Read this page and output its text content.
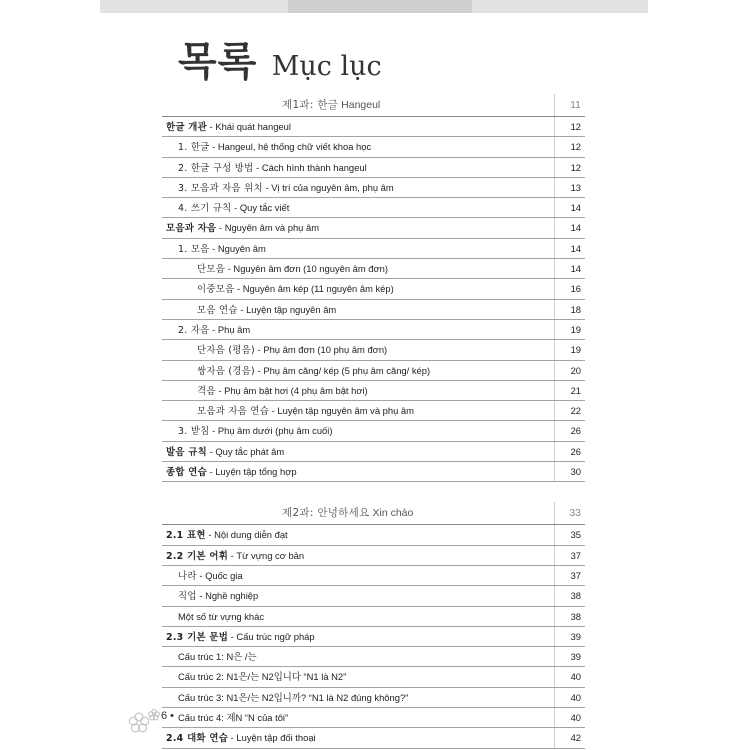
목록 Mục lục
제1과: 한글 Hangeul	11
한글 개관 - Khái quát hangeul	12
1. 한글 - Hangeul, hệ thống chữ viết khoa học	12
2. 한글 구성 방법 - Cách hình thành hangeul	12
3. 모음과 자음 위치 - Vị trí của nguyên âm, phụ âm	13
4. 쓰기 규칙 - Quy tắc viết	14
모음과 자음 - Nguyên âm và phụ âm	14
1. 모음 - Nguyên âm	14
단모음 - Nguyên âm đơn (10 nguyên âm đơn)	14
이중모음 - Nguyên âm kép (11 nguyên âm kép)	16
모음 연습 - Luyện tập nguyên âm	18
2. 자음 - Phụ âm	19
단자음 (평음) - Phụ âm đơn (10 phụ âm đơn)	19
쌍자음 (경음) - Phụ âm căng/ kép (5 phụ âm căng/ kép)	20
격음 - Phụ âm bật hơi (4 phụ âm bật hơi)	21
모음과 자음 연습 - Luyện tập nguyên âm và phụ âm	22
3. 받침 - Phụ âm dưới (phụ âm cuối)	26
발음 규칙 - Quy tắc phát âm	26
종합 연습 - Luyện tập tổng hợp	30
제2과: 안녕하세요 Xin chào	33
2.1 표현 - Nội dung diễn đạt	35
2.2 기본 어휘 - Từ vựng cơ bản	37
나라 - Quốc gia	37
직업 - Nghề nghiệp	38
Một số từ vựng khác	38
2.3 기본 문법 - Cấu trúc ngữ pháp	39
Cấu trúc 1: N은 /는	39
Cấu trúc 2: N1은/는 N2입니다 “N1 là N2”	40
Cấu trúc 3: N1은/는 N2입니까? “N1 là N2 đúng không?”	40
Cấu trúc 4: 제N “N của tôi”	40
2.4 대화 연습 - Luyện tập đối thoại	42
6 •
